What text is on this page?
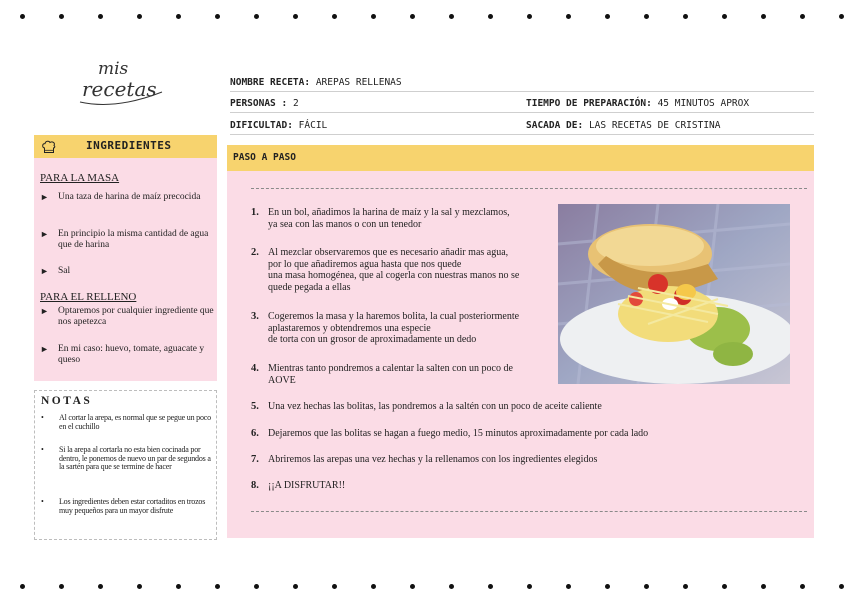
mis
recetas	NOMBRE RECETA: AREPAS RELLENAS
PERSONAS : 2	TIEMPO DE PREPARACIÓN: 45 MINUTOS APROX
DIFICULTAD: FÁCIL	SACADA DE: LAS RECETAS DE CRISTINA
INGREDIENTES
PARA LA MASA
► Una taza de harina de maíz precocida
► En principio la misma cantidad de agua que de harina
► Sal
PARA EL RELLENO
► Optaremos por cualquier ingrediente que nos apetezca
► En mi caso: huevo, tomate, aguacate y queso
NOTAS
•	Al cortar la arepa, es normal que se pegue un poco en el cuchillo
•	Si la arepa al cortarla no esta bien cocinada por dentro, le ponemos de nuevo un par de segundos a la sartén para que se termine de hacer
•	Los ingredientes deben estar cortaditos en trozos muy pequeños para un mayor disfrute
PASO A PASO
1. En un bol, añadimos la harina de maíz y la sal y mezclamos,
ya sea con las manos o con un tenedor
2. Al mezclar observaremos que es necesario añadir mas agua,
por lo que añadiremos agua hasta que nos quede
una masa homogénea, que al cogerla con nuestras manos no se
quede pegada a ellas
3. Cogeremos la masa y la haremos bolita, la cual posteriormente
aplastaremos y obtendremos una especie
de torta con un grosor de aproximadamente un dedo
4. Mientras tanto pondremos a calentar la salten con un poco de
AOVE
5. Una vez hechas las bolitas, las pondremos a la saltén con un poco de aceite caliente
6. Dejaremos que las bolitas se hagan a fuego medio, 15 minutos aproximadamente por cada lado
7. Abriremos las arepas una vez hechas y la rellenamos con los ingredientes elegidos
8. ¡¡A DISFRUTAR!!
